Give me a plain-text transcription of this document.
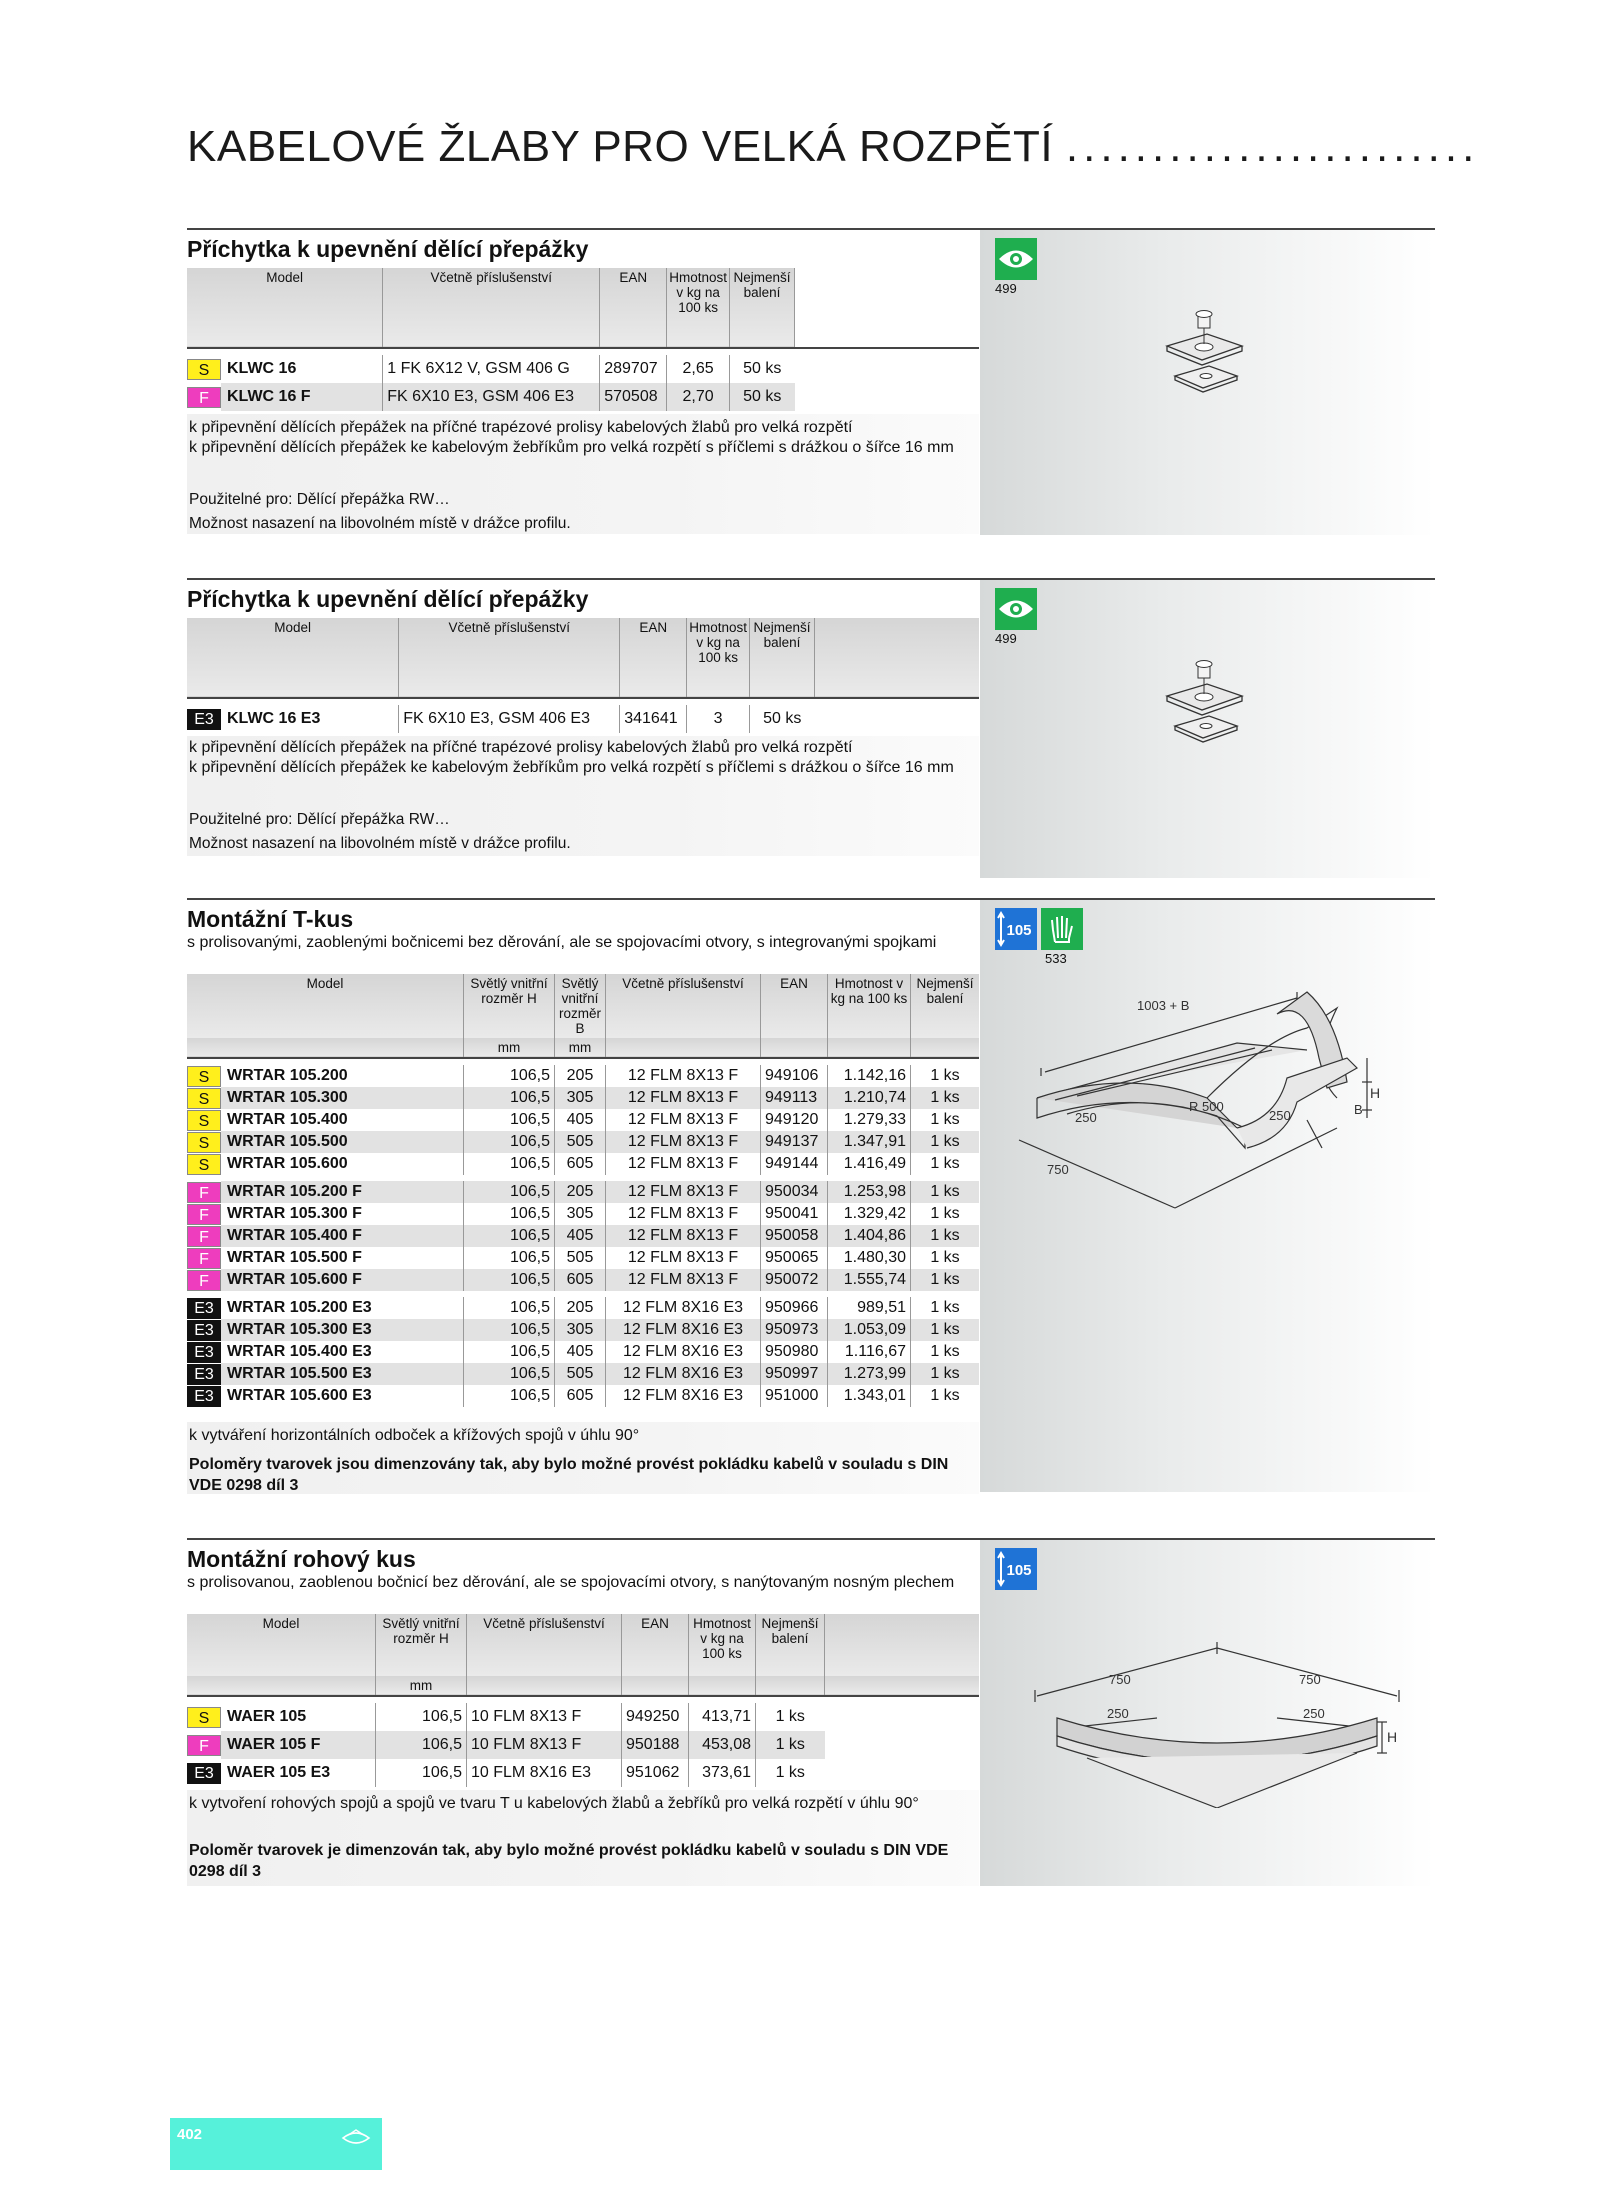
KABELOVÉ ŽLABY PRO VELKÁ ROZPĚTÍ ........................
Příchytka k upevnění dělící přepážky
499
Model		Včetně příslušenství	EAN	Hmotnost v kg na 100 ks	Nejmenší balení	

S	KLWC 16	1 FK 6X12 V, GSM 406 G	289707	2,65	50 ks	
F	KLWC 16 F	FK 6X10 E3, GSM 406 E3	570508	2,70	50 ks	

k připevnění dělících přepážek na příčné trapézové prolisy kabelových žlabů pro velká rozpětí

k připevnění dělících přepážek ke kabelovým žebříkům pro velká rozpětí s příčlemi s drážkou o šířce 16 mm

Použitelné pro: Dělící přepážka RW…
Možnost nasazení na libovolném místě v drážce profilu.
Příchytka k upevnění dělící přepážky
499
Model		Včetně příslušenství	EAN	Hmotnost v kg na 100 ks	Nejmenší balení	

E3	KLWC 16 E3	FK 6X10 E3, GSM 406 E3	341641	3	50 ks	

k připevnění dělících přepážek na příčné trapézové prolisy kabelových žlabů pro velká rozpětí

k připevnění dělících přepážek ke kabelovým žebříkům pro velká rozpětí s příčlemi s drážkou o šířce 16 mm

Použitelné pro: Dělící přepážka RW…
Možnost nasazení na libovolném místě v drážce profilu.
Montážní T-kus
s prolisovanými, zaoblenými bočnicemi bez děrování, ale se spojovacími otvory, s integrovanými spojkami
105
533
1003 + B
R 500
250	250
750
H
B
Model		Světlý vnitřní rozměr H	Světlý vnitřní rozměr B	Včetně příslušenství	EAN	Hmotnost v kg na 100 ks	Nejmenší balení
		mm	mm				

S	WRTAR 105.200	106,5	205	12 FLM 8X13 F	949106	1.142,16	1 ks
S	WRTAR 105.300	106,5	305	12 FLM 8X13 F	949113	1.210,74	1 ks
S	WRTAR 105.400	106,5	405	12 FLM 8X13 F	949120	1.279,33	1 ks
S	WRTAR 105.500	106,5	505	12 FLM 8X13 F	949137	1.347,91	1 ks
S	WRTAR 105.600	106,5	605	12 FLM 8X13 F	949144	1.416,49	1 ks

F	WRTAR 105.200 F	106,5	205	12 FLM 8X13 F	950034	1.253,98	1 ks
F	WRTAR 105.300 F	106,5	305	12 FLM 8X13 F	950041	1.329,42	1 ks
F	WRTAR 105.400 F	106,5	405	12 FLM 8X13 F	950058	1.404,86	1 ks
F	WRTAR 105.500 F	106,5	505	12 FLM 8X13 F	950065	1.480,30	1 ks
F	WRTAR 105.600 F	106,5	605	12 FLM 8X13 F	950072	1.555,74	1 ks

E3	WRTAR 105.200 E3	106,5	205	12 FLM 8X16 E3	950966	989,51	1 ks
E3	WRTAR 105.300 E3	106,5	305	12 FLM 8X16 E3	950973	1.053,09	1 ks
E3	WRTAR 105.400 E3	106,5	405	12 FLM 8X16 E3	950980	1.116,67	1 ks
E3	WRTAR 105.500 E3	106,5	505	12 FLM 8X16 E3	950997	1.273,99	1 ks
E3	WRTAR 105.600 E3	106,5	605	12 FLM 8X16 E3	951000	1.343,01	1 ks

k vytváření horizontálních odboček a křížových spojů v úhlu 90°

Poloměry tvarovek jsou dimenzovány tak, aby bylo možné provést pokládku kabelů v souladu s DIN VDE 0298 díl 3
Montážní rohový kus
s prolisovanou, zaoblenou bočnicí bez děrování, ale se spojovacími otvory, s nanýtovaným nosným plechem
105
750	750
250	250
H
Model		Světlý vnitřní rozměr H	Včetně příslušenství	EAN	Hmotnost v kg na 100 ks	Nejmenší balení	
		mm					

S	WAER 105	106,5	10 FLM 8X13 F	949250	413,71	1 ks	
F	WAER 105 F	106,5	10 FLM 8X13 F	950188	453,08	1 ks	
E3	WAER 105 E3	106,5	10 FLM 8X16 E3	951062	373,61	1 ks	

k vytvoření rohových spojů a spojů ve tvaru T u kabelových žlabů a žebříků pro velká rozpětí v úhlu 90°

Poloměr tvarovek je dimenzován tak, aby bylo možné provést pokládku kabelů v souladu s DIN VDE 0298 díl 3
402
